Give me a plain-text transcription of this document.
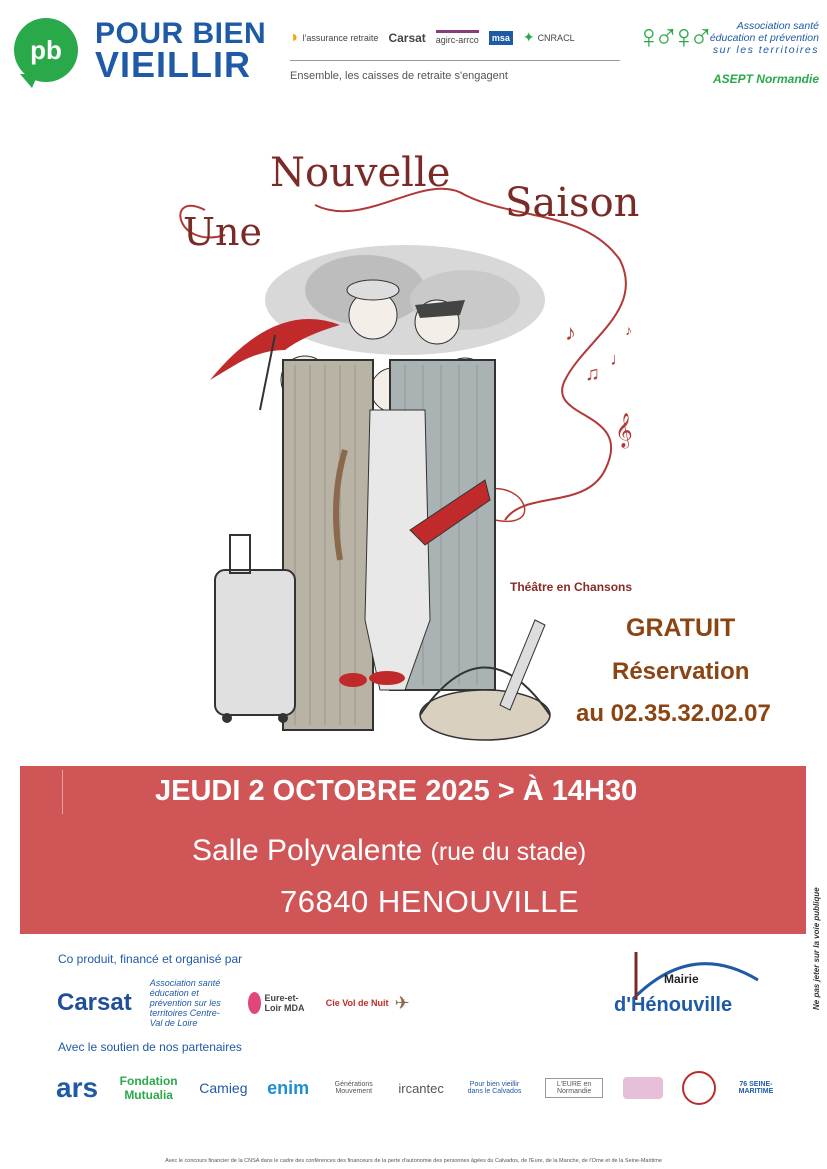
pb	POUR BIEN
VIEILLIR
◗ l'assurance retraite Carsat agirc-arrco	msa ✦ CNRACL
Ensemble, les caisses de retraite s'engagent
♀♂♀♂	Association santé
éducation et prévention
sur les territoires
ASEPT Normandie
♪
♫
♩
𝄞
♪
Une
Nouvelle
Saison
Théâtre en Chansons
GRATUIT
Réservation
au 02.35.32.02.07
JEUDI 2 OCTOBRE 2025 > À 14H30
Salle Polyvalente (rue du stade)
76840 HENOUVILLE	Ne pas jeter sur la voie publique
Co produit, financé et organisé par
Carsat
Association santé éducation et prévention sur les territoires Centre-Val de Loire
Eure-et-Loir MDA	Cie Vol de Nuit ✈
Avec le soutien de nos partenaires
ars Fondation Mutualia	Camieg enim	Générations Mouvement	ircantec	Pour bien vieillir dans le Calvados
L'EURE en Normandie
76 SEINE-MARITIME
Mairie
d'Hénouville
Avec le concours financier de la CNSA dans le cadre des conférences des financeurs de la perte d'autonomie des personnes âgées du Calvados, de l'Eure, de la Manche, de l'Orne et de la Seine-Maritime
